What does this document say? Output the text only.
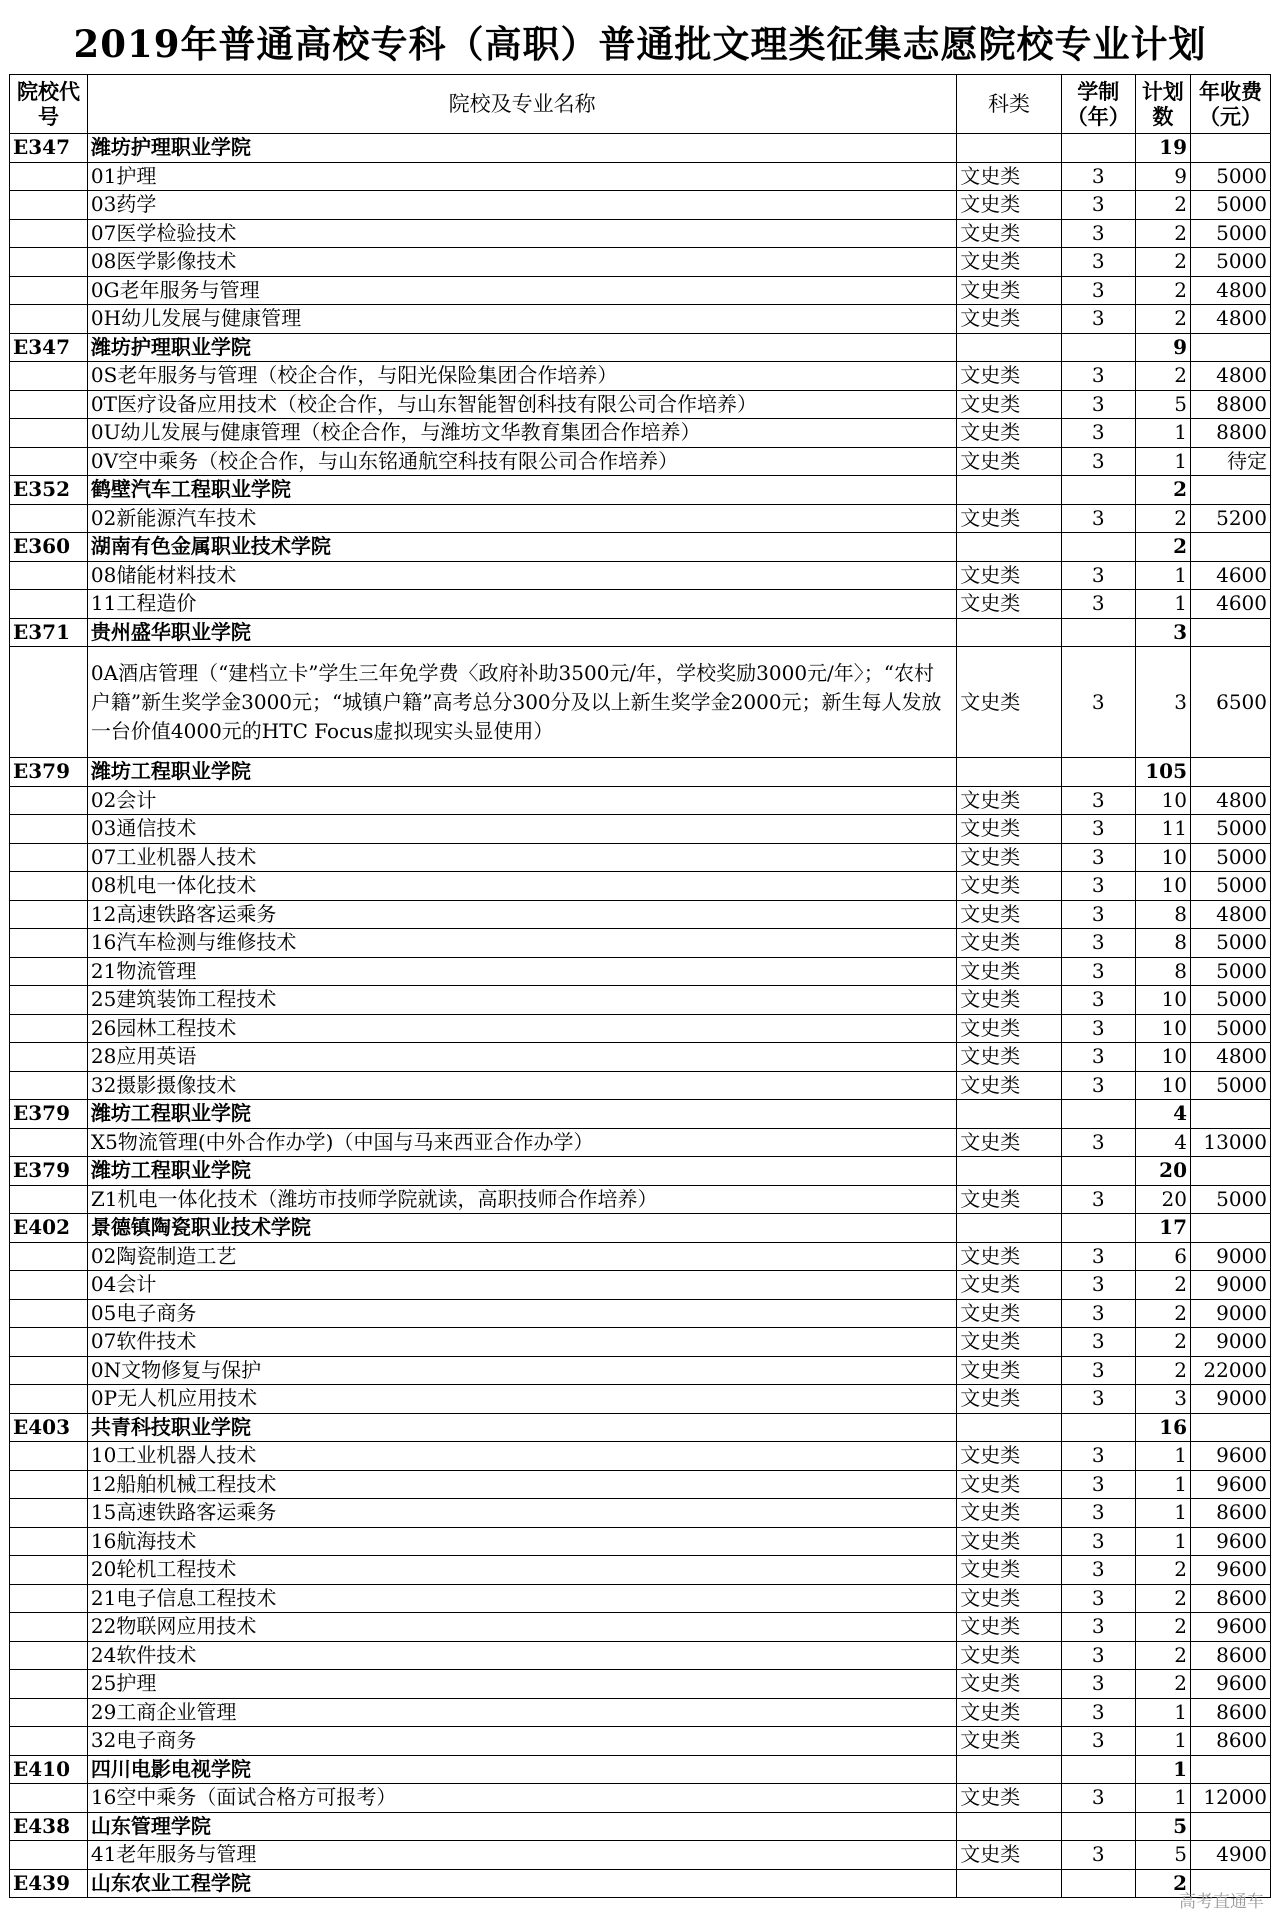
2019年普通高校专科（高职）普通批文理类征集志愿院校专业计划
院校代号	院校及专业名称	科类	学制（年）	计划数	年收费（元）
E347	潍坊护理职业学院			19	
	01护理	文史类	3	9	5000
	03药学	文史类	3	2	5000
	07医学检验技术	文史类	3	2	5000
	08医学影像技术	文史类	3	2	5000
	0G老年服务与管理	文史类	3	2	4800
	0H幼儿发展与健康管理	文史类	3	2	4800
E347	潍坊护理职业学院			9	
	0S老年服务与管理（校企合作，与阳光保险集团合作培养）	文史类	3	2	4800
	0T医疗设备应用技术（校企合作，与山东智能智创科技有限公司合作培养）	文史类	3	5	8800
	0U幼儿发展与健康管理（校企合作，与潍坊文华教育集团合作培养）	文史类	3	1	8800
	0V空中乘务（校企合作，与山东铭通航空科技有限公司合作培养）	文史类	3	1	待定
E352	鹤壁汽车工程职业学院			2	
	02新能源汽车技术	文史类	3	2	5200
E360	湖南有色金属职业技术学院			2	
	08储能材料技术	文史类	3	1	4600
	11工程造价	文史类	3	1	4600
E371	贵州盛华职业学院			3	
	0A酒店管理（“建档立卡”学生三年免学费〈政府补助3500元/年，学校奖励3000元/年〉；“农村户籍”新生奖学金3000元；“城镇户籍”高考总分300分及以上新生奖学金2000元；新生每人发放一台价值4000元的HTC Focus虚拟现实头显使用）	文史类	3	3	6500
E379	潍坊工程职业学院			105	
	02会计	文史类	3	10	4800
	03通信技术	文史类	3	11	5000
	07工业机器人技术	文史类	3	10	5000
	08机电一体化技术	文史类	3	10	5000
	12高速铁路客运乘务	文史类	3	8	4800
	16汽车检测与维修技术	文史类	3	8	5000
	21物流管理	文史类	3	8	5000
	25建筑装饰工程技术	文史类	3	10	5000
	26园林工程技术	文史类	3	10	5000
	28应用英语	文史类	3	10	4800
	32摄影摄像技术	文史类	3	10	5000
E379	潍坊工程职业学院			4	
	X5物流管理(中外合作办学)（中国与马来西亚合作办学）	文史类	3	4	13000
E379	潍坊工程职业学院			20	
	Z1机电一体化技术（潍坊市技师学院就读，高职技师合作培养）	文史类	3	20	5000
E402	景德镇陶瓷职业技术学院			17	
	02陶瓷制造工艺	文史类	3	6	9000
	04会计	文史类	3	2	9000
	05电子商务	文史类	3	2	9000
	07软件技术	文史类	3	2	9000
	0N文物修复与保护	文史类	3	2	22000
	0P无人机应用技术	文史类	3	3	9000
E403	共青科技职业学院			16	
	10工业机器人技术	文史类	3	1	9600
	12船舶机械工程技术	文史类	3	1	9600
	15高速铁路客运乘务	文史类	3	1	8600
	16航海技术	文史类	3	1	9600
	20轮机工程技术	文史类	3	2	9600
	21电子信息工程技术	文史类	3	2	8600
	22物联网应用技术	文史类	3	2	9600
	24软件技术	文史类	3	2	8600
	25护理	文史类	3	2	9600
	29工商企业管理	文史类	3	1	8600
	32电子商务	文史类	3	1	8600
E410	四川电影电视学院			1	
	16空中乘务（面试合格方可报考）	文史类	3	1	12000
E438	山东管理学院			5	
	41老年服务与管理	文史类	3	5	4900
E439	山东农业工程学院			2	
高考直通车
